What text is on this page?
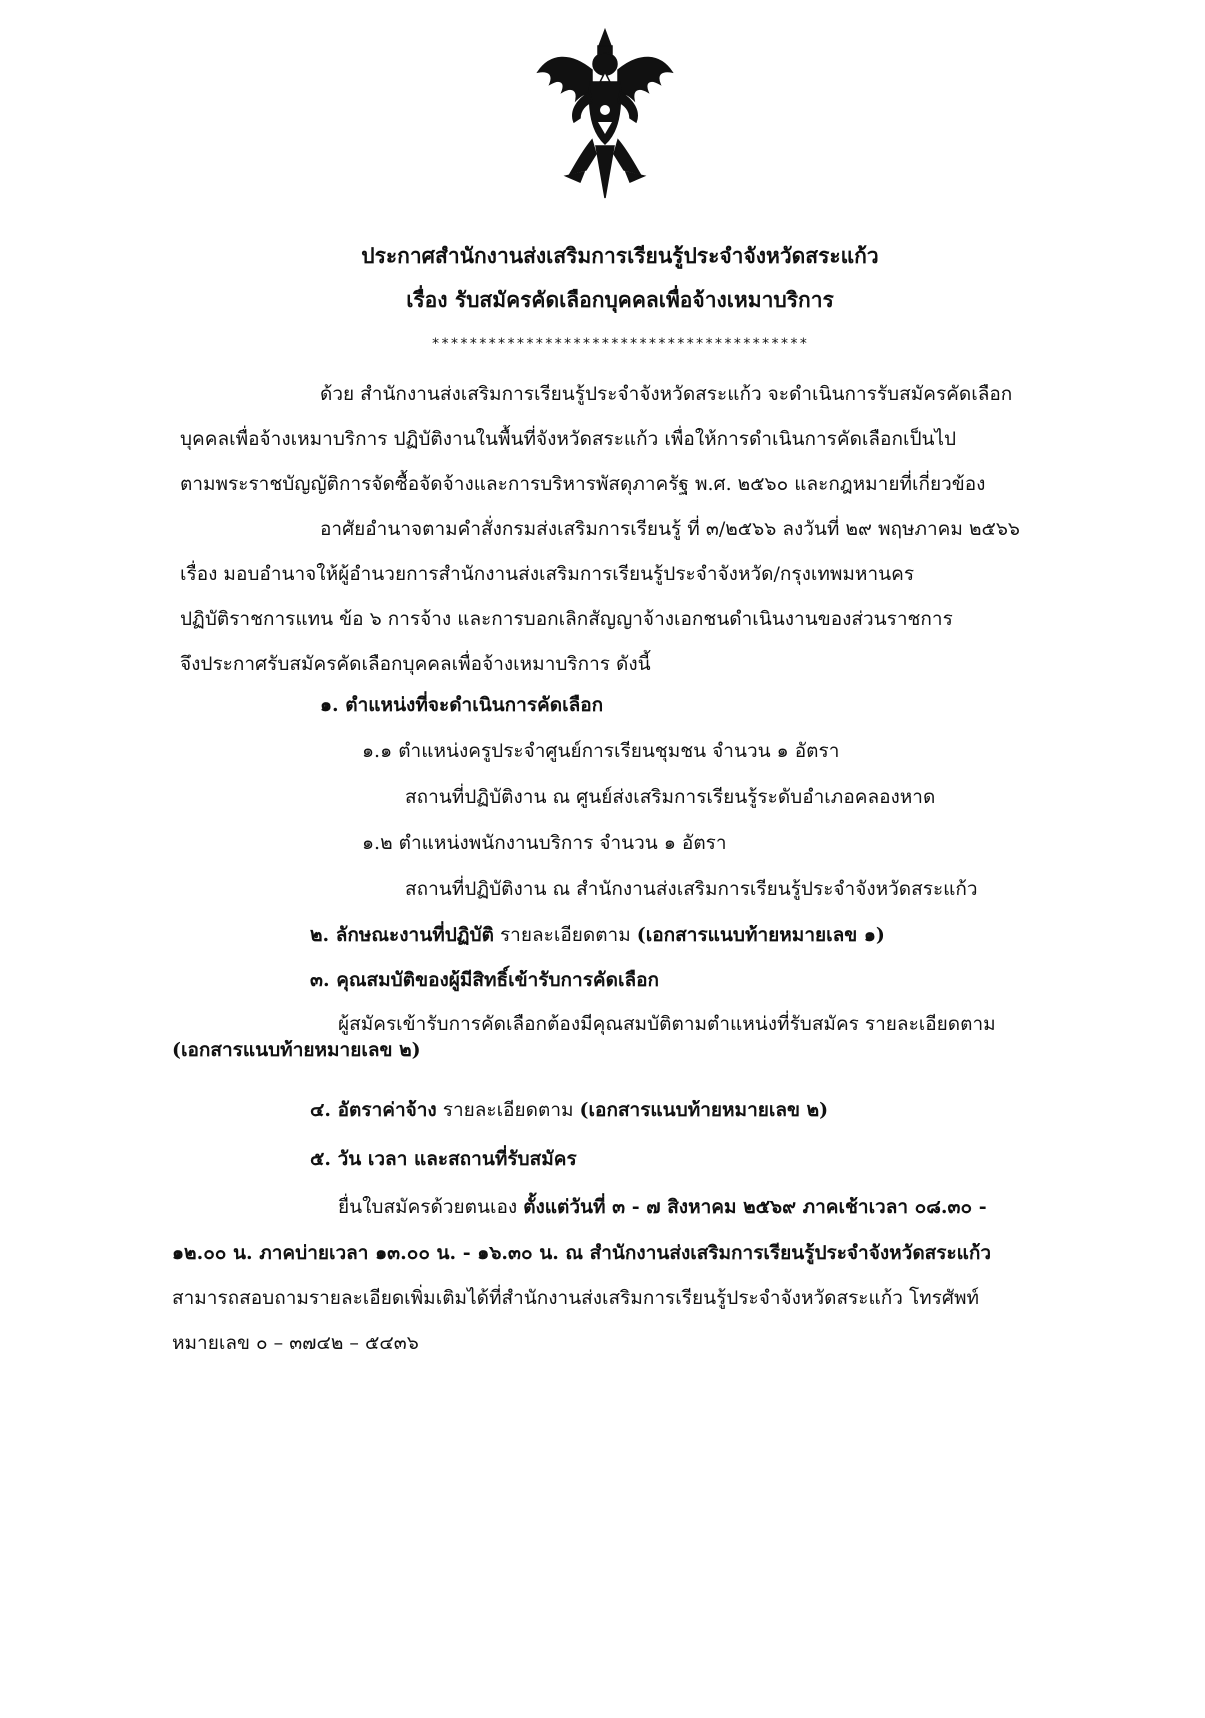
ประกาศสำนักงานส่งเสริมการเรียนรู้ประจำจังหวัดสระแก้ว
เรื่อง รับสมัครคัดเลือกบุคคลเพื่อจ้างเหมาบริการ
****************************************
ด้วย สำนักงานส่งเสริมการเรียนรู้ประจำจังหวัดสระแก้ว จะดำเนินการรับสมัครคัดเลือก
บุคคลเพื่อจ้างเหมาบริการ ปฏิบัติงานในพื้นที่จังหวัดสระแก้ว เพื่อให้การดำเนินการคัดเลือกเป็นไป
ตามพระราชบัญญัติการจัดซื้อจัดจ้างและการบริหารพัสดุภาครัฐ พ.ศ. ๒๕๖๐ และกฎหมายที่เกี่ยวข้อง
อาศัยอำนาจตามคำสั่งกรมส่งเสริมการเรียนรู้ ที่ ๓/๒๕๖๖ ลงวันที่ ๒๙ พฤษภาคม ๒๕๖๖
เรื่อง มอบอำนาจให้ผู้อำนวยการสำนักงานส่งเสริมการเรียนรู้ประจำจังหวัด/กรุงเทพมหานคร
ปฏิบัติราชการแทน ข้อ ๖ การจ้าง และการบอกเลิกสัญญาจ้างเอกชนดำเนินงานของส่วนราชการ
จึงประกาศรับสมัครคัดเลือกบุคคลเพื่อจ้างเหมาบริการ ดังนี้
๑. ตำแหน่งที่จะดำเนินการคัดเลือก
๑.๑ ตำแหน่งครูประจำศูนย์การเรียนชุมชน จำนวน ๑ อัตรา
สถานที่ปฏิบัติงาน ณ ศูนย์ส่งเสริมการเรียนรู้ระดับอำเภอคลองหาด
๑.๒ ตำแหน่งพนักงานบริการ จำนวน ๑ อัตรา
สถานที่ปฏิบัติงาน ณ สำนักงานส่งเสริมการเรียนรู้ประจำจังหวัดสระแก้ว
๒. ลักษณะงานที่ปฏิบัติ รายละเอียดตาม (เอกสารแนบท้ายหมายเลข ๑)
๓. คุณสมบัติของผู้มีสิทธิ์เข้ารับการคัดเลือก
ผู้สมัครเข้ารับการคัดเลือกต้องมีคุณสมบัติตามตำแหน่งที่รับสมัคร รายละเอียดตาม
(เอกสารแนบท้ายหมายเลข ๒)
๔. อัตราค่าจ้าง รายละเอียดตาม (เอกสารแนบท้ายหมายเลข ๒)
๕. วัน เวลา และสถานที่รับสมัคร
ยื่นใบสมัครด้วยตนเอง ตั้งแต่วันที่ ๓ - ๗ สิงหาคม ๒๕๖๙ ภาคเช้าเวลา ๐๘.๓๐ -
๑๒.๐๐ น. ภาคบ่ายเวลา ๑๓.๐๐ น. - ๑๖.๓๐ น. ณ สำนักงานส่งเสริมการเรียนรู้ประจำจังหวัดสระแก้ว
สามารถสอบถามรายละเอียดเพิ่มเติมได้ที่สำนักงานส่งเสริมการเรียนรู้ประจำจังหวัดสระแก้ว โทรศัพท์
หมายเลข ๐ – ๓๗๔๒ – ๕๔๓๖
